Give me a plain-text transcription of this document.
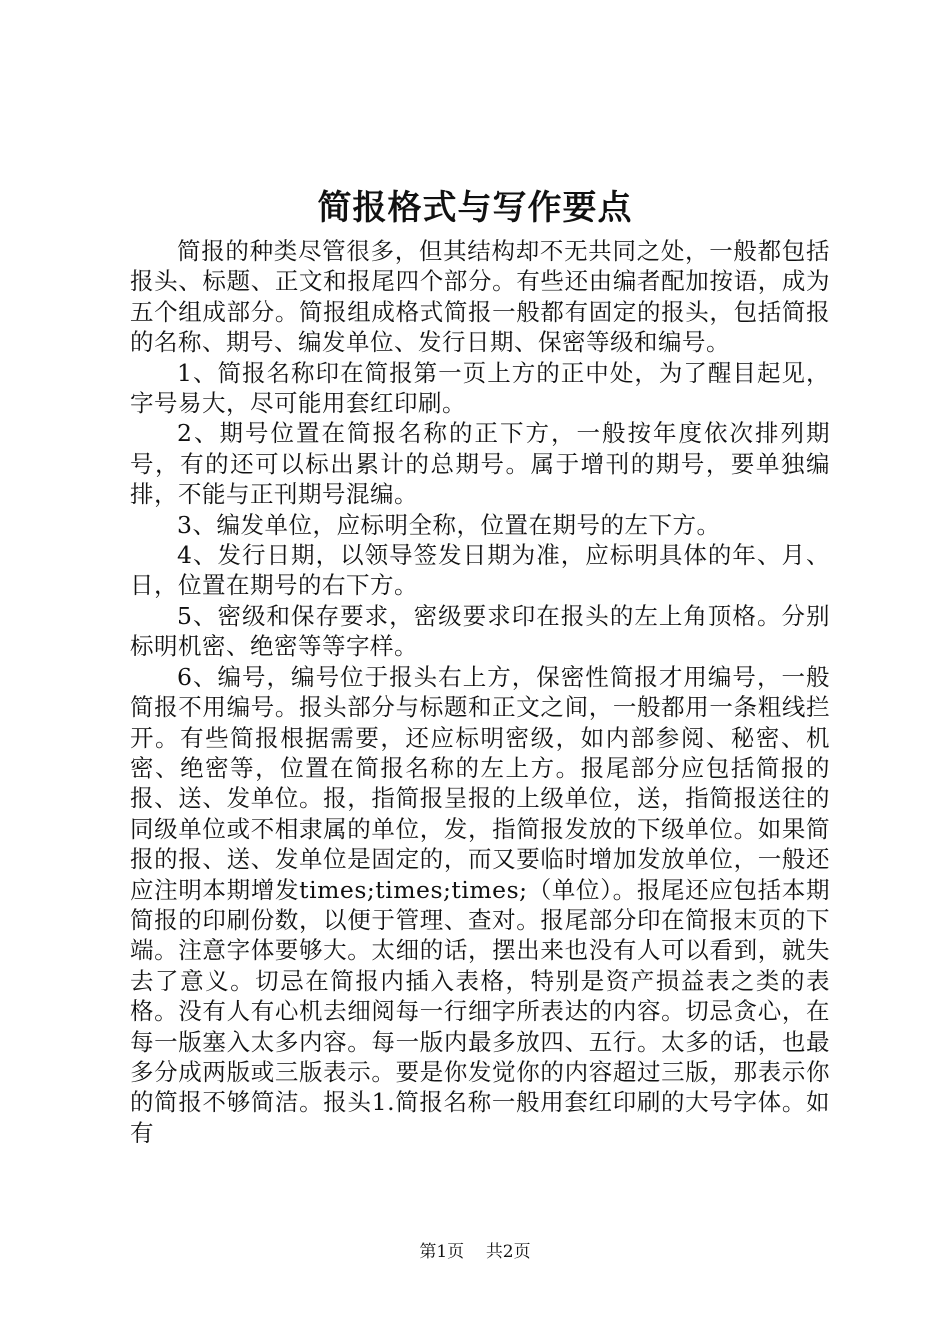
简报格式与写作要点

简报的种类尽管很多，但其结构却不无共同之处，一般都包括报头、标题、正文和报尾四个部分。有些还由编者配加按语，成为五个组成部分。简报组成格式简报一般都有固定的报头，包括简报的名称、期号、编发单位、发行日期、保密等级和编号。

1、简报名称印在简报第一页上方的正中处，为了醒目起见，字号易大，尽可能用套红印刷。

2、期号位置在简报名称的正下方，一般按年度依次排列期号，有的还可以标出累计的总期号。属于增刊的期号，要单独编排，不能与正刊期号混编。

3、编发单位，应标明全称，位置在期号的左下方。

4、发行日期，以领导签发日期为准，应标明具体的年、月、日，位置在期号的右下方。

5、密级和保存要求，密级要求印在报头的左上角顶格。分别标明机密、绝密等等字样。

6、编号，编号位于报头右上方，保密性简报才用编号，一般简报不用编号。报头部分与标题和正文之间，一般都用一条粗线拦开。有些简报根据需要，还应标明密级，如内部参阅、秘密、机密、绝密等，位置在简报名称的左上方。报尾部分应包括简报的报、送、发单位。报，指简报呈报的上级单位，送，指简报送往的同级单位或不相隶属的单位，发，指简报发放的下级单位。如果简报的报、送、发单位是固定的，而又要临时增加发放单位，一般还应注明本期增发times;times;times;（单位）。报尾还应包括本期简报的印刷份数，以便于管理、查对。报尾部分印在简报末页的下端。注意字体要够大。太细的话，摆出来也没有人可以看到，就失去了意义。切忌在简报内插入表格，特别是资产损益表之类的表格。没有人有心机去细阅每一行细字所表达的内容。切忌贪心，在每一版塞入太多内容。每一版内最多放四、五行。太多的话，也最多分成两版或三版表示。要是你发觉你的内容超过三版，那表示你的简报不够简洁。报头1.简报名称一般用套红印刷的大号字体。如有

第1页 共2页
